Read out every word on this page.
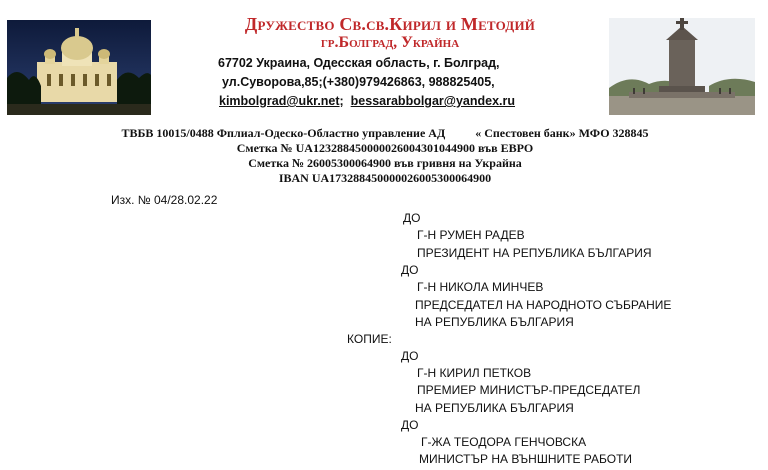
Дружество Св.св.Кирил и Методий
гр.Болград, Украйна
67702 Украина, Одесская область, г. Болград,
ул.Суворова,85;(+380)979426863, 988825405,
kimbolgrad@ukr.net; bessarabbolgar@yandex.ru
ТВБВ 10015/0488 Фплиал-Одеско-Областно управление АД	« Спестовен банк» МФО 328845
Сметка № UA123288450000026004301044900 във ЕВРО
Сметка № 26005300064900 във гривня на Украйна
IBAN UA173288450000026005300064900
Изх. № 04/28.02.22
ДО
Г-Н РУМЕН РАДЕВ
ПРЕЗИДЕНТ НА РЕПУБЛИКА БЪЛГАРИЯ
ДО
Г-Н НИКОЛА МИНЧЕВ
ПРЕДСЕДАТЕЛ НА НАРОДНОТО СЪБРАНИЕ
НА РЕПУБЛИКА БЪЛГАРИЯ
КОПИЕ:
ДО
Г-Н КИРИЛ ПЕТКОВ
ПРЕМИЕР МИНИСТЪР-ПРЕДСЕДАТЕЛ
НА РЕПУБЛИКА БЪЛГАРИЯ
ДО
Г-ЖА ТЕОДОРА ГЕНЧОВСКА
МИНИСТЪР НА ВЪНШНИТЕ РАБОТИ
